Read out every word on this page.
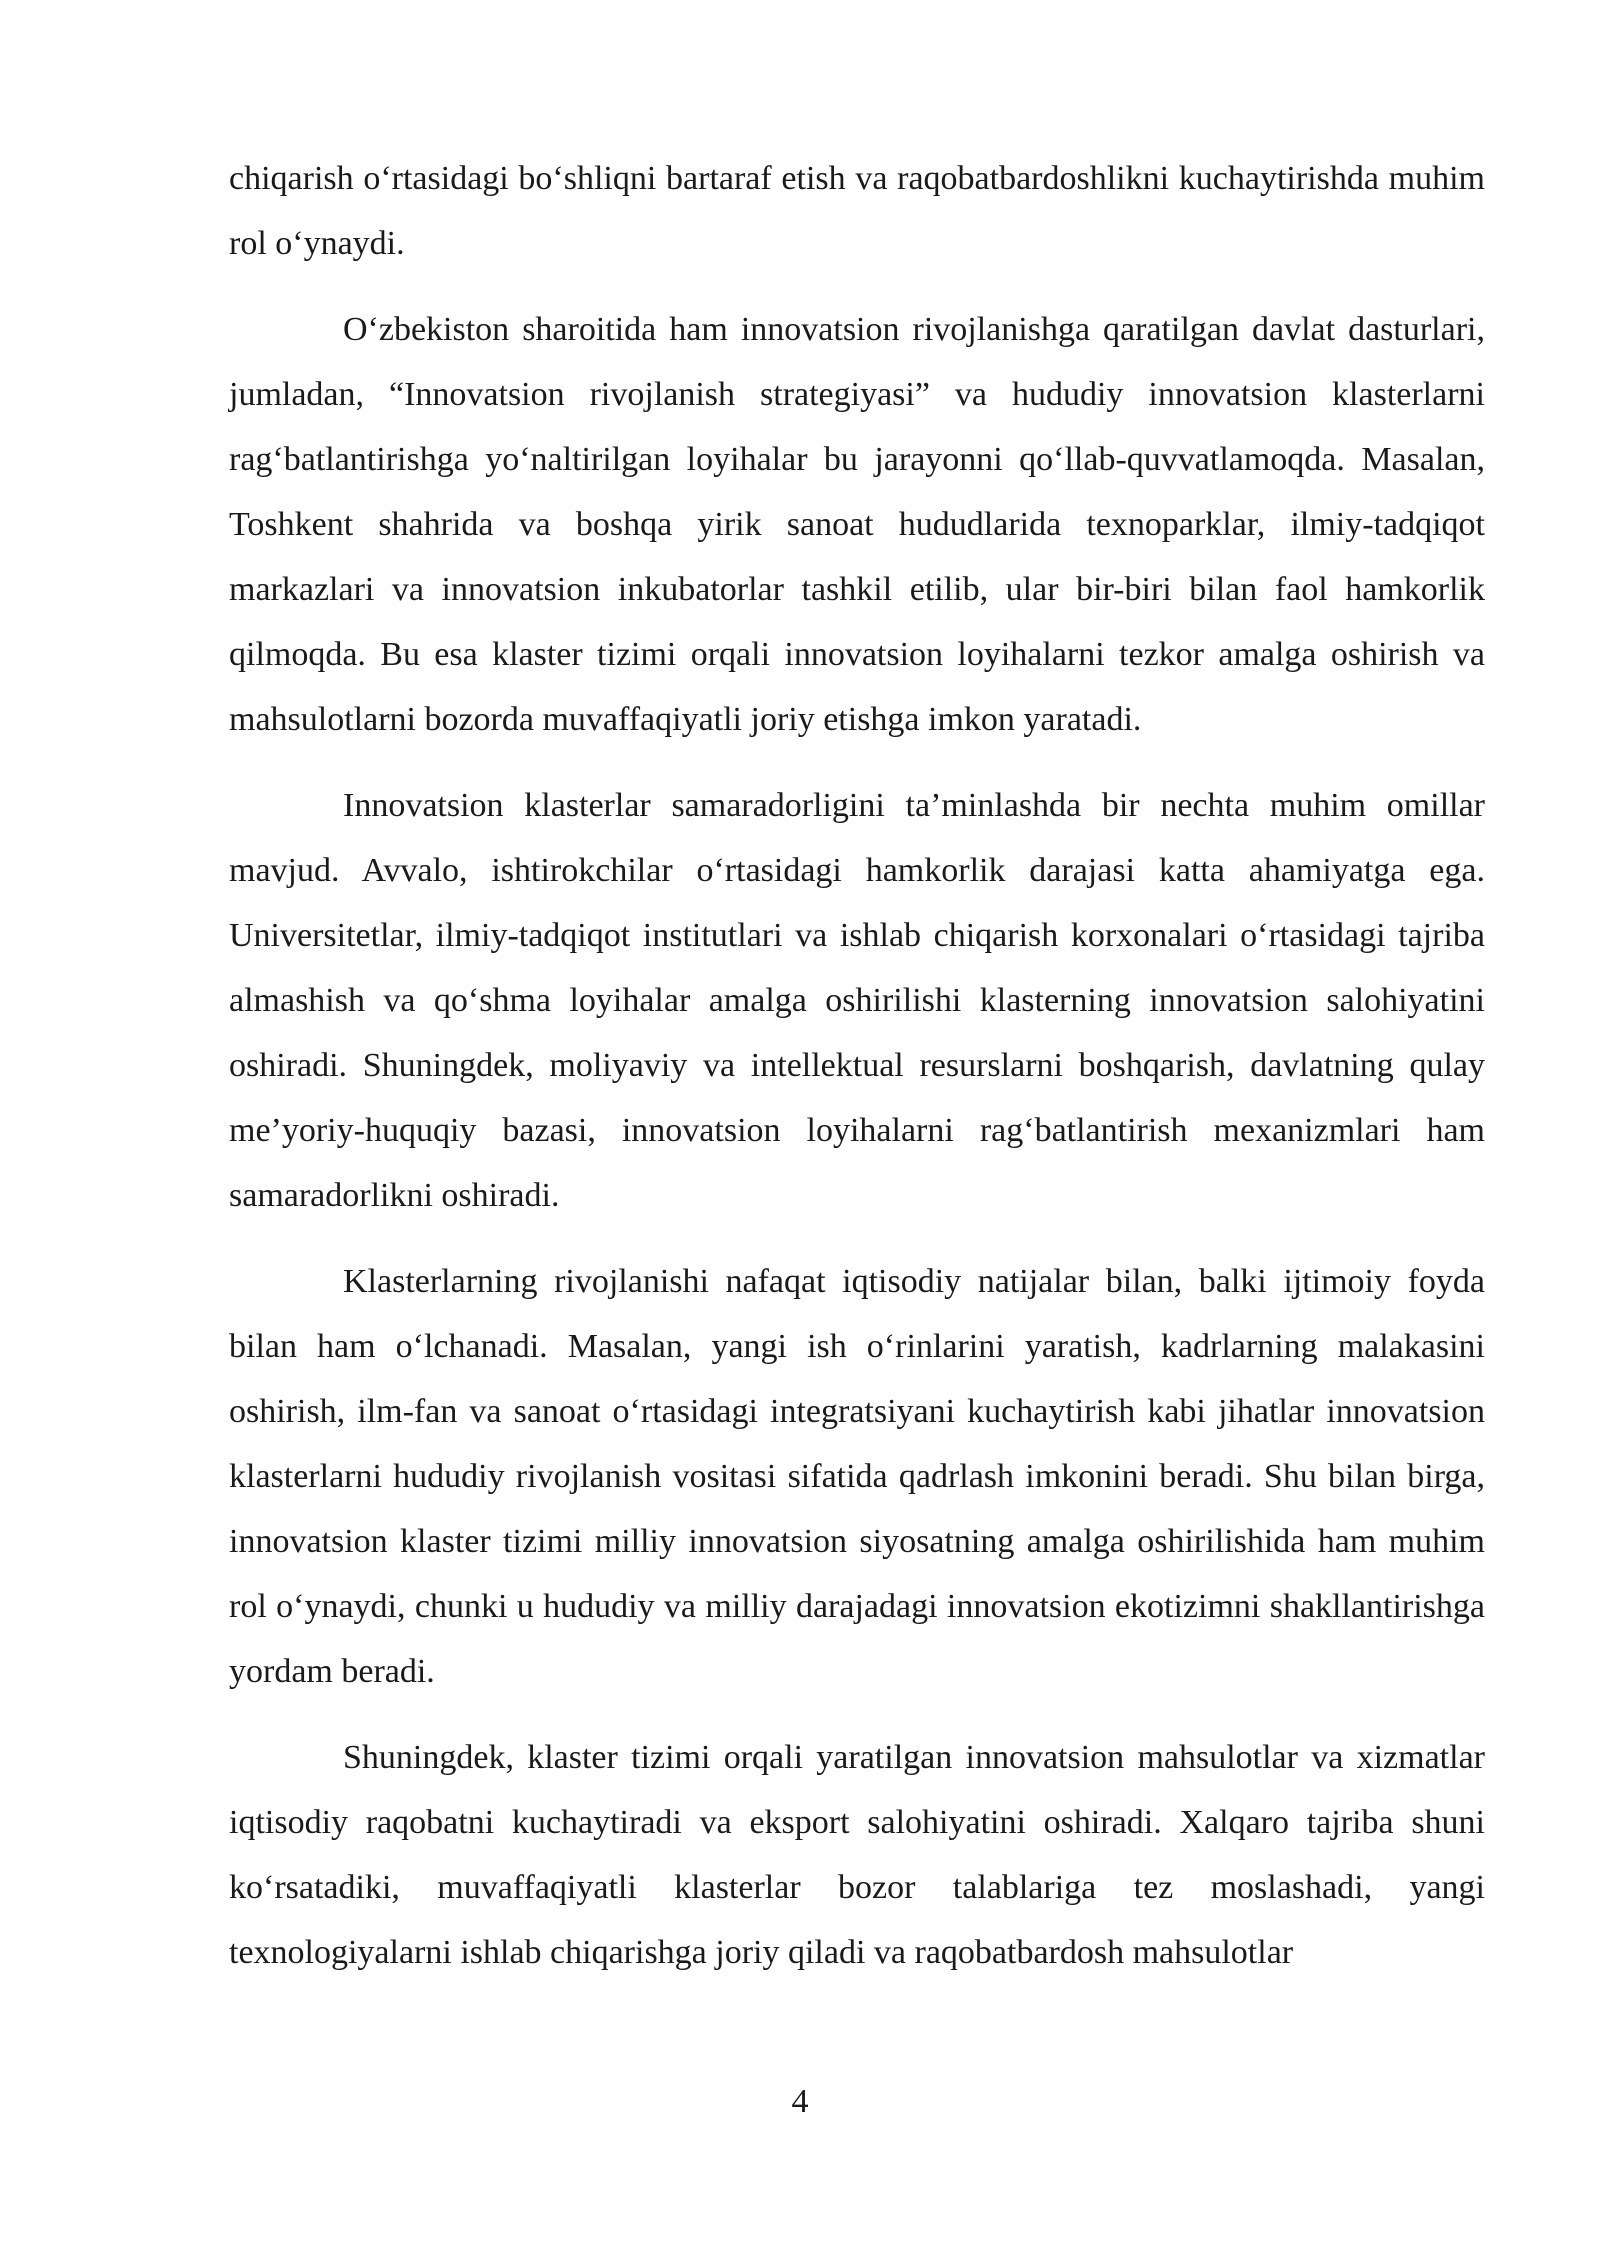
chiqarish o‘rtasidagi bo‘shliqni bartaraf etish va raqobatbardoshlikni kuchaytirishda muhim rol o‘ynaydi.

O‘zbekiston sharoitida ham innovatsion rivojlanishga qaratilgan davlat dasturlari, jumladan, “Innovatsion rivojlanish strategiyasi” va hududiy innovatsion klasterlarni rag‘batlantirishga yo‘naltirilgan loyihalar bu jarayonni qo‘llab-quvvatlamoqda. Masalan, Toshkent shahrida va boshqa yirik sanoat hududlarida texnoparklar, ilmiy-tadqiqot markazlari va innovatsion inkubatorlar tashkil etilib, ular bir-biri bilan faol hamkorlik qilmoqda. Bu esa klaster tizimi orqali innovatsion loyihalarni tezkor amalga oshirish va mahsulotlarni bozorda muvaffaqiyatli joriy etishga imkon yaratadi.

Innovatsion klasterlar samaradorligini ta’minlashda bir nechta muhim omillar mavjud. Avvalo, ishtirokchilar o‘rtasidagi hamkorlik darajasi katta ahamiyatga ega. Universitetlar, ilmiy-tadqiqot institutlari va ishlab chiqarish korxonalari o‘rtasidagi tajriba almashish va qo‘shma loyihalar amalga oshirilishi klasterning innovatsion salohiyatini oshiradi. Shuningdek, moliyaviy va intellektual resurslarni boshqarish, davlatning qulay me’yoriy-huquqiy bazasi, innovatsion loyihalarni rag‘batlantirish mexanizmlari ham samaradorlikni oshiradi.

Klasterlarning rivojlanishi nafaqat iqtisodiy natijalar bilan, balki ijtimoiy foyda bilan ham o‘lchanadi. Masalan, yangi ish o‘rinlarini yaratish, kadrlarning malakasini oshirish, ilm-fan va sanoat o‘rtasidagi integratsiyani kuchaytirish kabi jihatlar innovatsion klasterlarni hududiy rivojlanish vositasi sifatida qadrlash imkonini beradi. Shu bilan birga, innovatsion klaster tizimi milliy innovatsion siyosatning amalga oshirilishida ham muhim rol o‘ynaydi, chunki u hududiy va milliy darajadagi innovatsion ekotizimni shakllantirishga yordam beradi.

Shuningdek, klaster tizimi orqali yaratilgan innovatsion mahsulotlar va xizmatlar iqtisodiy raqobatni kuchaytiradi va eksport salohiyatini oshiradi. Xalqaro tajriba shuni ko‘rsatadiki, muvaffaqiyatli klasterlar bozor talablariga tez moslashadi, yangi texnologiyalarni ishlab chiqarishga joriy qiladi va raqobatbardosh mahsulotlar

4
